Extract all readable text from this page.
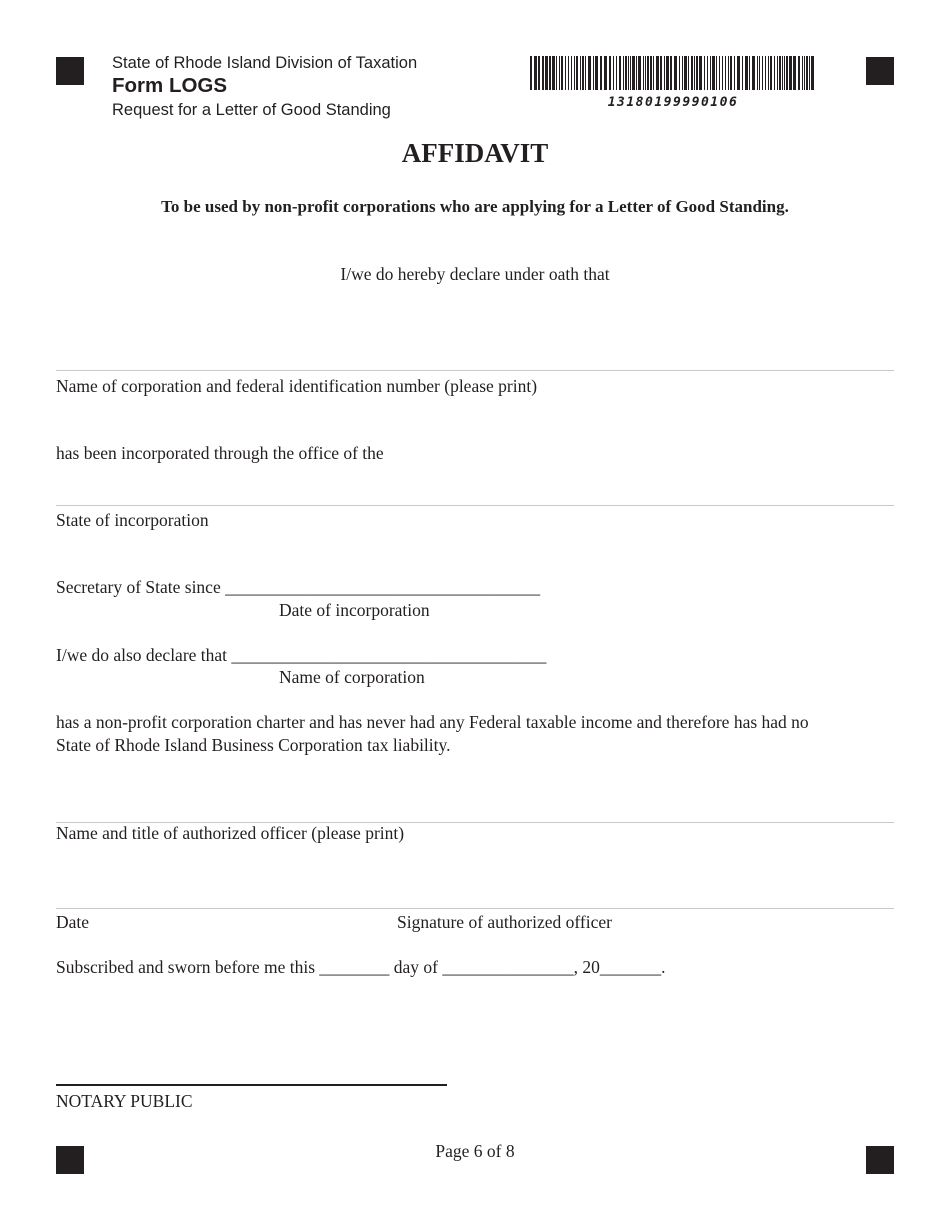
State of Rhode Island Division of Taxation
Form LOGS
Request for a Letter of Good Standing	13180199990106
AFFIDAVIT
To be used by non-profit corporations who are applying for a Letter of Good Standing.
I/we do hereby declare under oath that
Name of corporation and federal identification number (please print)
has been incorporated through the office of the
State of incorporation
Secretary of State since ____________________________________
Date of incorporation
I/we do also declare that ____________________________________
Name of corporation
has a non-profit corporation charter and has never had any Federal taxable income and therefore has had no
State of Rhode Island Business Corporation tax liability.
Name and title of authorized officer (please print)
Date	Signature of authorized officer
Subscribed and sworn before me this ________ day of _______________, 20_______.
NOTARY PUBLIC
Page 6 of 8
